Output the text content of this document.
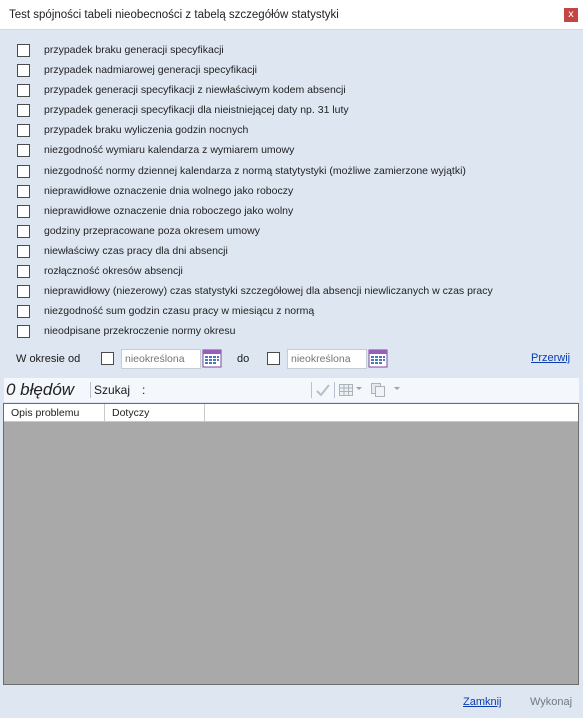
Test spójności tabeli nieobecności z tabelą szczegółów statystyki	x
przypadek braku generacji specyfikacji
przypadek nadmiarowej generacji specyfikacji
przypadek generacji specyfikacji z niewłaściwym kodem absencji
przypadek generacji specyfikacji dla nieistniejącej daty np. 31 luty
przypadek braku wyliczenia godzin nocnych
niezgodność wymiaru kalendarza z wymiarem umowy
niezgodność normy dziennej kalendarza z normą statytystyki (możliwe zamierzone wyjątki)
nieprawidłowe oznaczenie dnia wolnego jako roboczy
nieprawidłowe oznaczenie dnia roboczego jako wolny
godziny przepracowane poza okresem umowy
niewłaściwy czas pracy dla dni absencji
rozłączność okresów absencji
nieprawidłowy (niezerowy) czas statystyki szczegółowej dla absencji niewliczanych w czas pracy
niezgodność sum godzin czasu pracy w miesiącu z normą
nieodpisane przekroczenie normy okresu
W okresie od
nieokreślona	do
nieokreślona	Przerwij
0 błędów Szukaj :
Opis problemu	Dotyczy
Zamknij	Wykonaj
